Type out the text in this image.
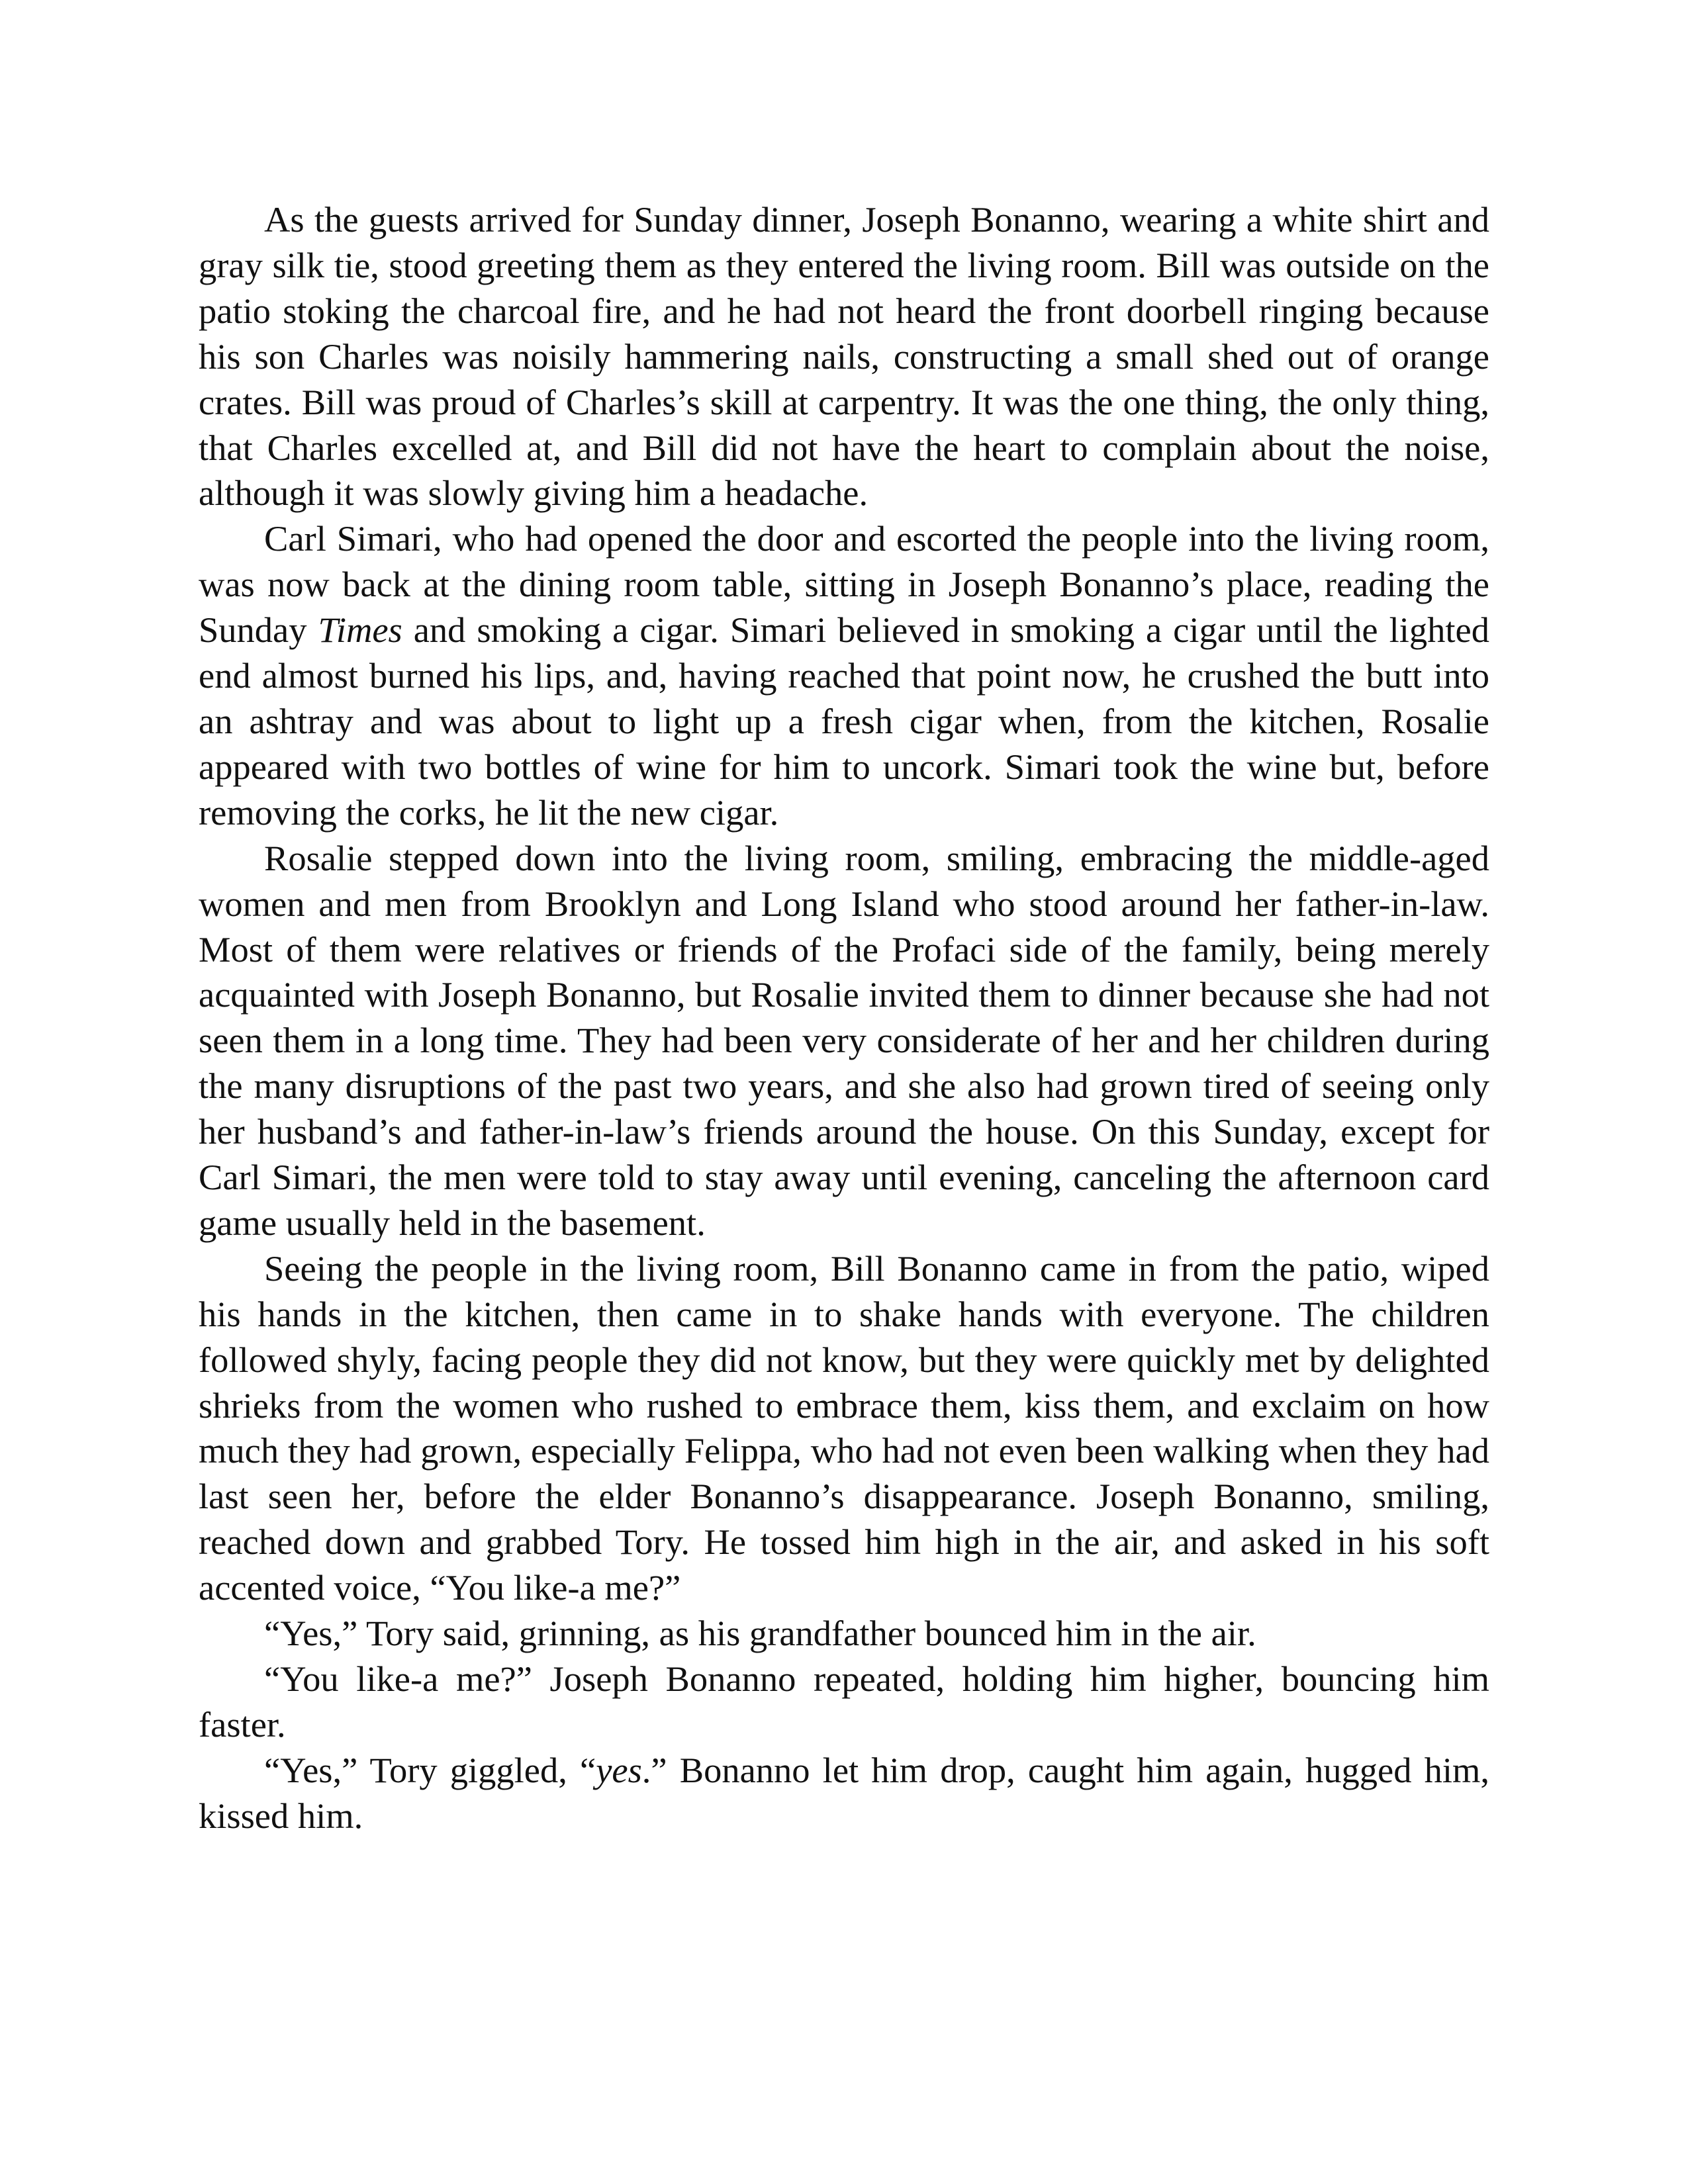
As the guests arrived for Sunday dinner, Joseph Bonanno, wearing a white shirt and gray silk tie, stood greeting them as they entered the living room. Bill was outside on the patio stoking the charcoal fire, and he had not heard the front doorbell ringing because his son Charles was noisily hammering nails, constructing a small shed out of orange crates. Bill was proud of Charles’s skill at carpentry. It was the one thing, the only thing, that Charles excelled at, and Bill did not have the heart to complain about the noise, although it was slowly giving him a headache.

Carl Simari, who had opened the door and escorted the people into the living room, was now back at the dining room table, sitting in Joseph Bonanno’s place, reading the Sunday Times and smoking a cigar. Simari believed in smoking a cigar until the lighted end almost burned his lips, and, having reached that point now, he crushed the butt into an ashtray and was about to light up a fresh cigar when, from the kitchen, Rosalie appeared with two bottles of wine for him to uncork. Simari took the wine but, before removing the corks, he lit the new cigar.

Rosalie stepped down into the living room, smiling, embracing the middle-aged women and men from Brooklyn and Long Island who stood around her father-in-law. Most of them were relatives or friends of the Profaci side of the family, being merely acquainted with Joseph Bonanno, but Rosalie invited them to dinner because she had not seen them in a long time. They had been very considerate of her and her children during the many disruptions of the past two years, and she also had grown tired of seeing only her husband’s and father-in-law’s friends around the house. On this Sunday, except for Carl Simari, the men were told to stay away until evening, canceling the afternoon card game usually held in the basement.

Seeing the people in the living room, Bill Bonanno came in from the patio, wiped his hands in the kitchen, then came in to shake hands with everyone. The children followed shyly, facing people they did not know, but they were quickly met by delighted shrieks from the women who rushed to embrace them, kiss them, and exclaim on how much they had grown, especially Felippa, who had not even been walking when they had last seen her, before the elder Bonanno’s disappearance. Joseph Bonanno, smiling, reached down and grabbed Tory. He tossed him high in the air, and asked in his soft accented voice, “You like-a me?”

“Yes,” Tory said, grinning, as his grandfather bounced him in the air.

“You like-a me?” Joseph Bonanno repeated, holding him higher, bouncing him faster.

“Yes,” Tory giggled, “yes.” Bonanno let him drop, caught him again, hugged him, kissed him.
